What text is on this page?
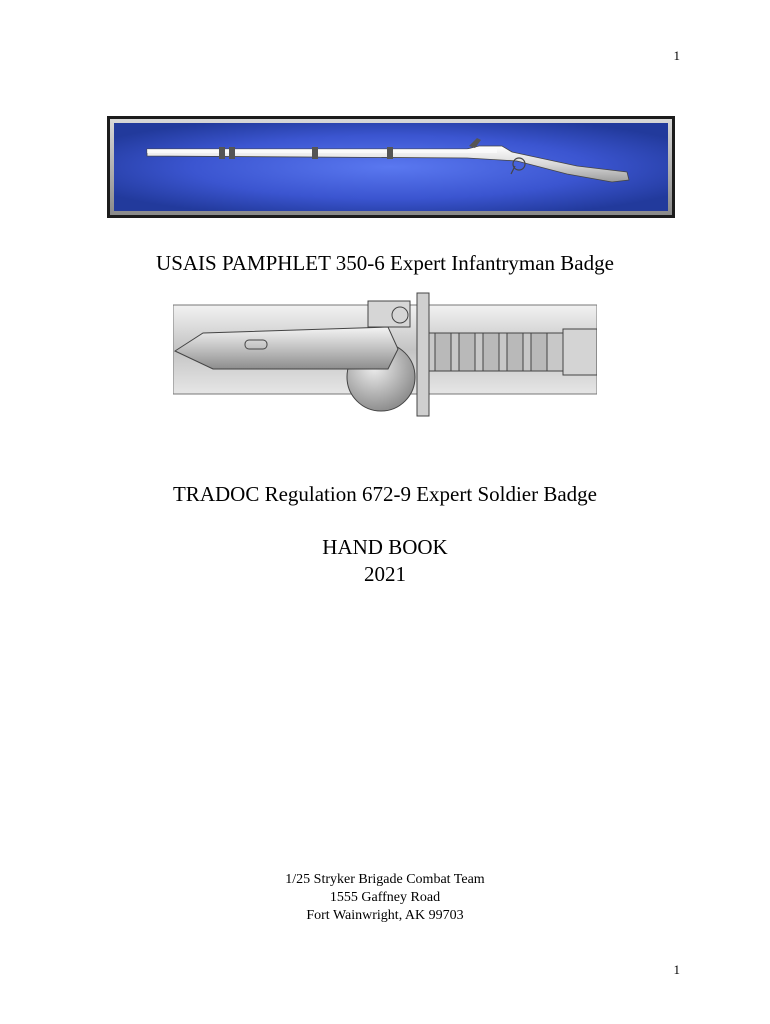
1
USAIS PAMPHLET 350-6 Expert Infantryman Badge
TRADOC Regulation 672-9 Expert Soldier Badge
HAND BOOK
2021
1/25 Stryker Brigade Combat Team
1555 Gaffney Road
Fort Wainwright, AK 99703
1
